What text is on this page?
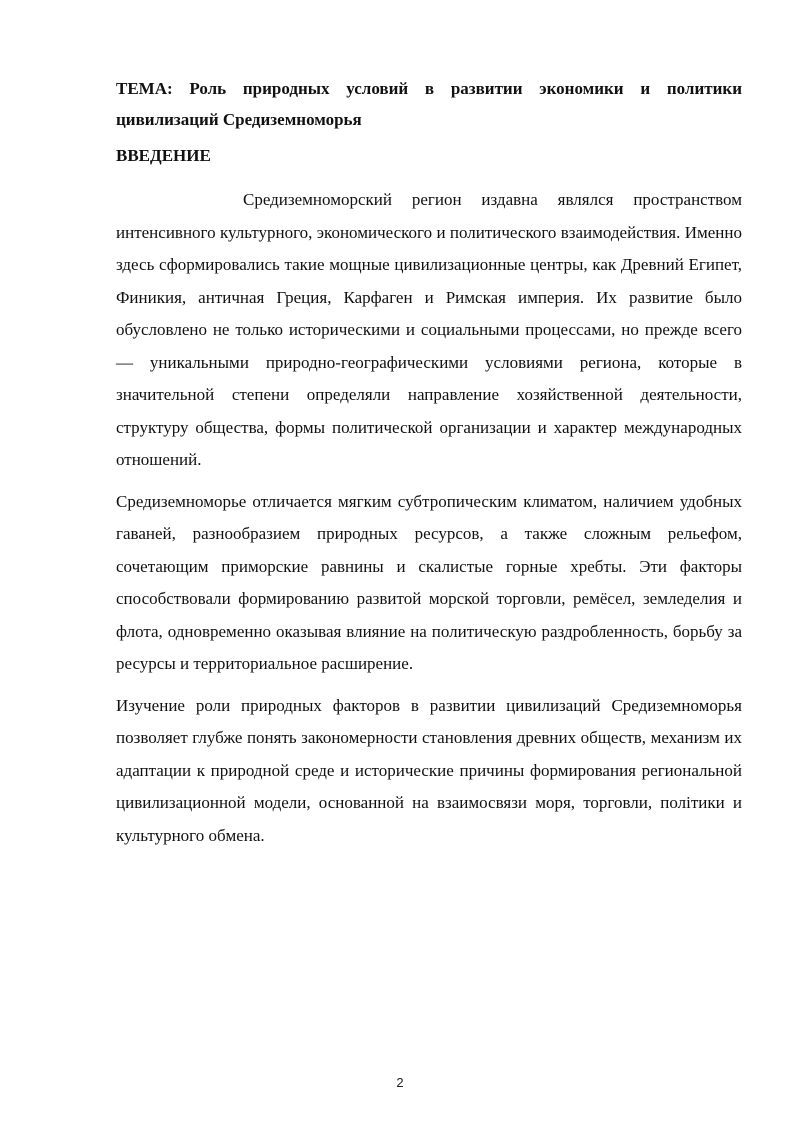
ТЕМА: Роль природных условий в развитии экономики и политики цивилизаций Средиземноморья

ВВЕДЕНИЕ

Средиземноморский регион издавна являлся пространством интенсивного культурного, экономического и политического взаимодействия. Именно здесь сформировались такие мощные цивилизационные центры, как Древний Египет, Финикия, античная Греция, Карфаген и Римская империя. Их развитие было обусловлено не только историческими и социальными процессами, но прежде всего — уникальными природно-географическими условиями региона, которые в значительной степени определяли направление хозяйственной деятельности, структуру общества, формы политической организации и характер международных отношений.

Средиземноморье отличается мягким субтропическим климатом, наличием удобных гаваней, разнообразием природных ресурсов, а также сложным рельефом, сочетающим приморские равнины и скалистые горные хребты. Эти факторы способствовали формированию развитой морской торговли, ремёсел, земледелия и флота, одновременно оказывая влияние на политическую раздробленность, борьбу за ресурсы и территориальное расширение.

Изучение роли природных факторов в развитии цивилизаций Средиземноморья позволяет глубже понять закономерности становления древних обществ, механизм их адаптации к природной среде и исторические причины формирования региональной цивилизационной модели, основанной на взаимосвязи моря, торговли, політики и культурного обмена.

2
